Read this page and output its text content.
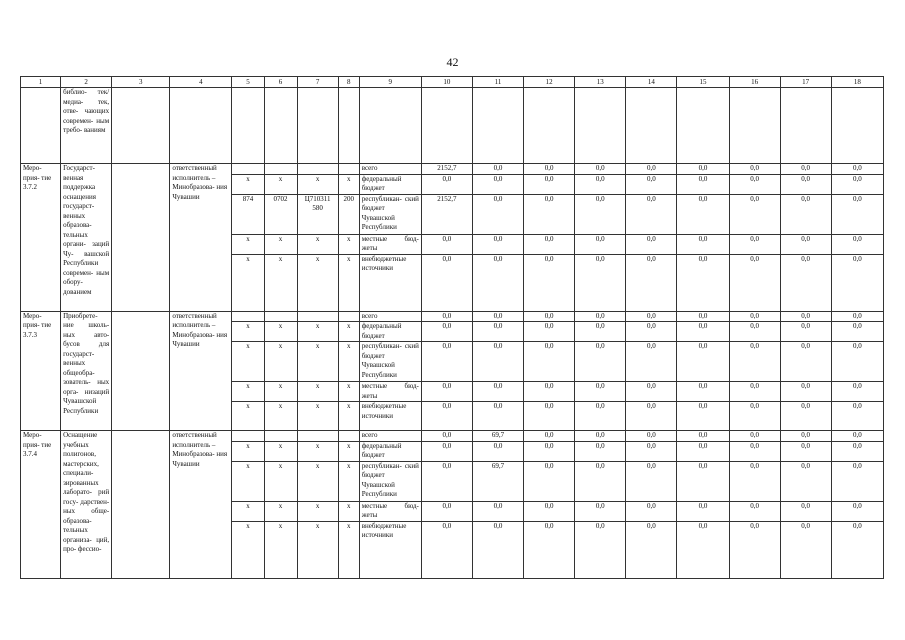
42
1	2	3	4	5	6	7	8	9	10	11	12	13	14	15	16	17	18
	библио- тек/медиа- тек, отве- чающих современ- ным требо- ваниям																
Меро- прия- тие 3.7.2	Государст- венная поддержка оснащения государст- венных образова- тельных органи- заций Чу- вашской Республики современ- ным обору- дованием		ответственный исполнитель – Минобразова- ния Чувашии					всего	2152,7	0,0	0,0	0,0	0,0	0,0	0,0	0,0	0,0
				х	х	х	х	федеральный бюджет	0,0	0,0	0,0	0,0	0,0	0,0	0,0	0,0	0,0
				874	0702	Ц710311 580	200	республикан- ский бюджет Чувашской Республики	2152,7	0,0	0,0	0,0	0,0	0,0	0,0	0,0	0,0
				х	х	х	х	местные бюд- жеты	0,0	0,0	0,0	0,0	0,0	0,0	0,0	0,0	0,0
				х	х	х	х	внебюджетные источники	0,0	0,0	0,0	0,0	0,0	0,0	0,0	0,0	0,0
Меро- прия- тие 3.7.3	Приобрете- ние школь- ных авто- бусов для государст- венных общеобра- зователь- ных орга- низаций Чувашской Республики		ответственный исполнитель – Минобразова- ния Чувашии					всего	0,0	0,0	0,0	0,0	0,0	0,0	0,0	0,0	0,0
				х	х	х	х	федеральный бюджет	0,0	0,0	0,0	0,0	0,0	0,0	0,0	0,0	0,0
				х	х	х	х	республикан- ский бюджет Чувашской Республики	0,0	0,0	0,0	0,0	0,0	0,0	0,0	0,0	0,0
				х	х	х	х	местные бюд- жеты	0,0	0,0	0,0	0,0	0,0	0,0	0,0	0,0	0,0
				х	х	х	х	внебюджетные источники	0,0	0,0	0,0	0,0	0,0	0,0	0,0	0,0	0,0
Меро- прия- тие 3.7.4	Оснащение учебных полигонов, мастерских, специали- зированных лаборато- рий госу- дарствен- ных обще- образова- тельных организа- ций, про- фессио-		ответственный исполнитель – Минобразова- ния Чувашии					всего	0,0	69,7	0,0	0,0	0,0	0,0	0,0	0,0	0,0
				х	х	х	х	федеральный бюджет	0,0	0,0	0,0	0,0	0,0	0,0	0,0	0,0	0,0
				х	х	х	х	республикан- ский бюджет Чувашской Республики	0,0	69,7	0,0	0,0	0,0	0,0	0,0	0,0	0,0
				х	х	х	х	местные бюд- жеты	0,0	0,0	0,0	0,0	0,0	0,0	0,0	0,0	0,0
				х	х	х	х	внебюджетные источники	0,0	0,0	0,0	0,0	0,0	0,0	0,0	0,0	0,0
